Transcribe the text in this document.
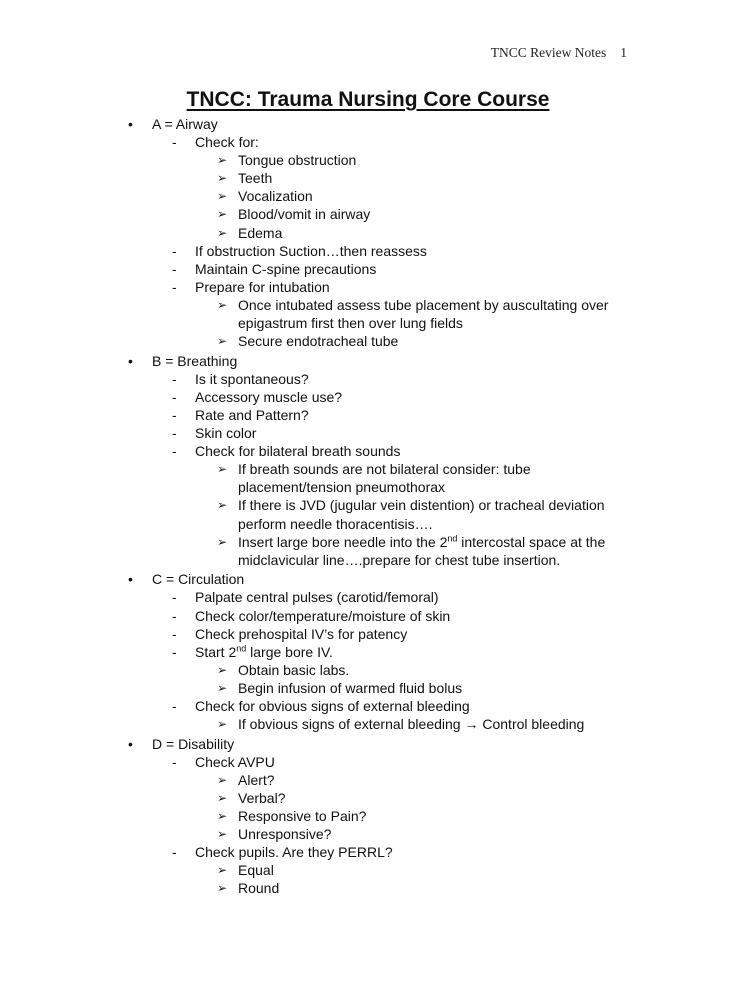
TNCC Review Notes 1
TNCC: Trauma Nursing Core Course
• A = Airway
- Check for:
➢ Tongue obstruction
➢ Teeth
➢ Vocalization
➢ Blood/vomit in airway
➢ Edema
- If obstruction Suction…then reassess
- Maintain C-spine precautions
- Prepare for intubation
➢ Once intubated assess tube placement by auscultating over
epigastrum first then over lung fields
➢ Secure endotracheal tube
• B = Breathing
- Is it spontaneous?
- Accessory muscle use?
- Rate and Pattern?
- Skin color
- Check for bilateral breath sounds
➢ If breath sounds are not bilateral consider: tube
placement/tension pneumothorax
➢ If there is JVD (jugular vein distention) or tracheal deviation
perform needle thoracentisis….
➢ Insert large bore needle into the 2nd intercostal space at the
midclavicular line….prepare for chest tube insertion.
• C = Circulation
- Palpate central pulses (carotid/femoral)
- Check color/temperature/moisture of skin
- Check prehospital IV’s for patency
- Start 2nd large bore IV.
➢ Obtain basic labs.
➢ Begin infusion of warmed fluid bolus
- Check for obvious signs of external bleeding
➢ If obvious signs of external bleeding → Control bleeding
• D = Disability
- Check AVPU
➢ Alert?
➢ Verbal?
➢ Responsive to Pain?
➢ Unresponsive?
- Check pupils. Are they PERRL?
➢ Equal
➢ Round
